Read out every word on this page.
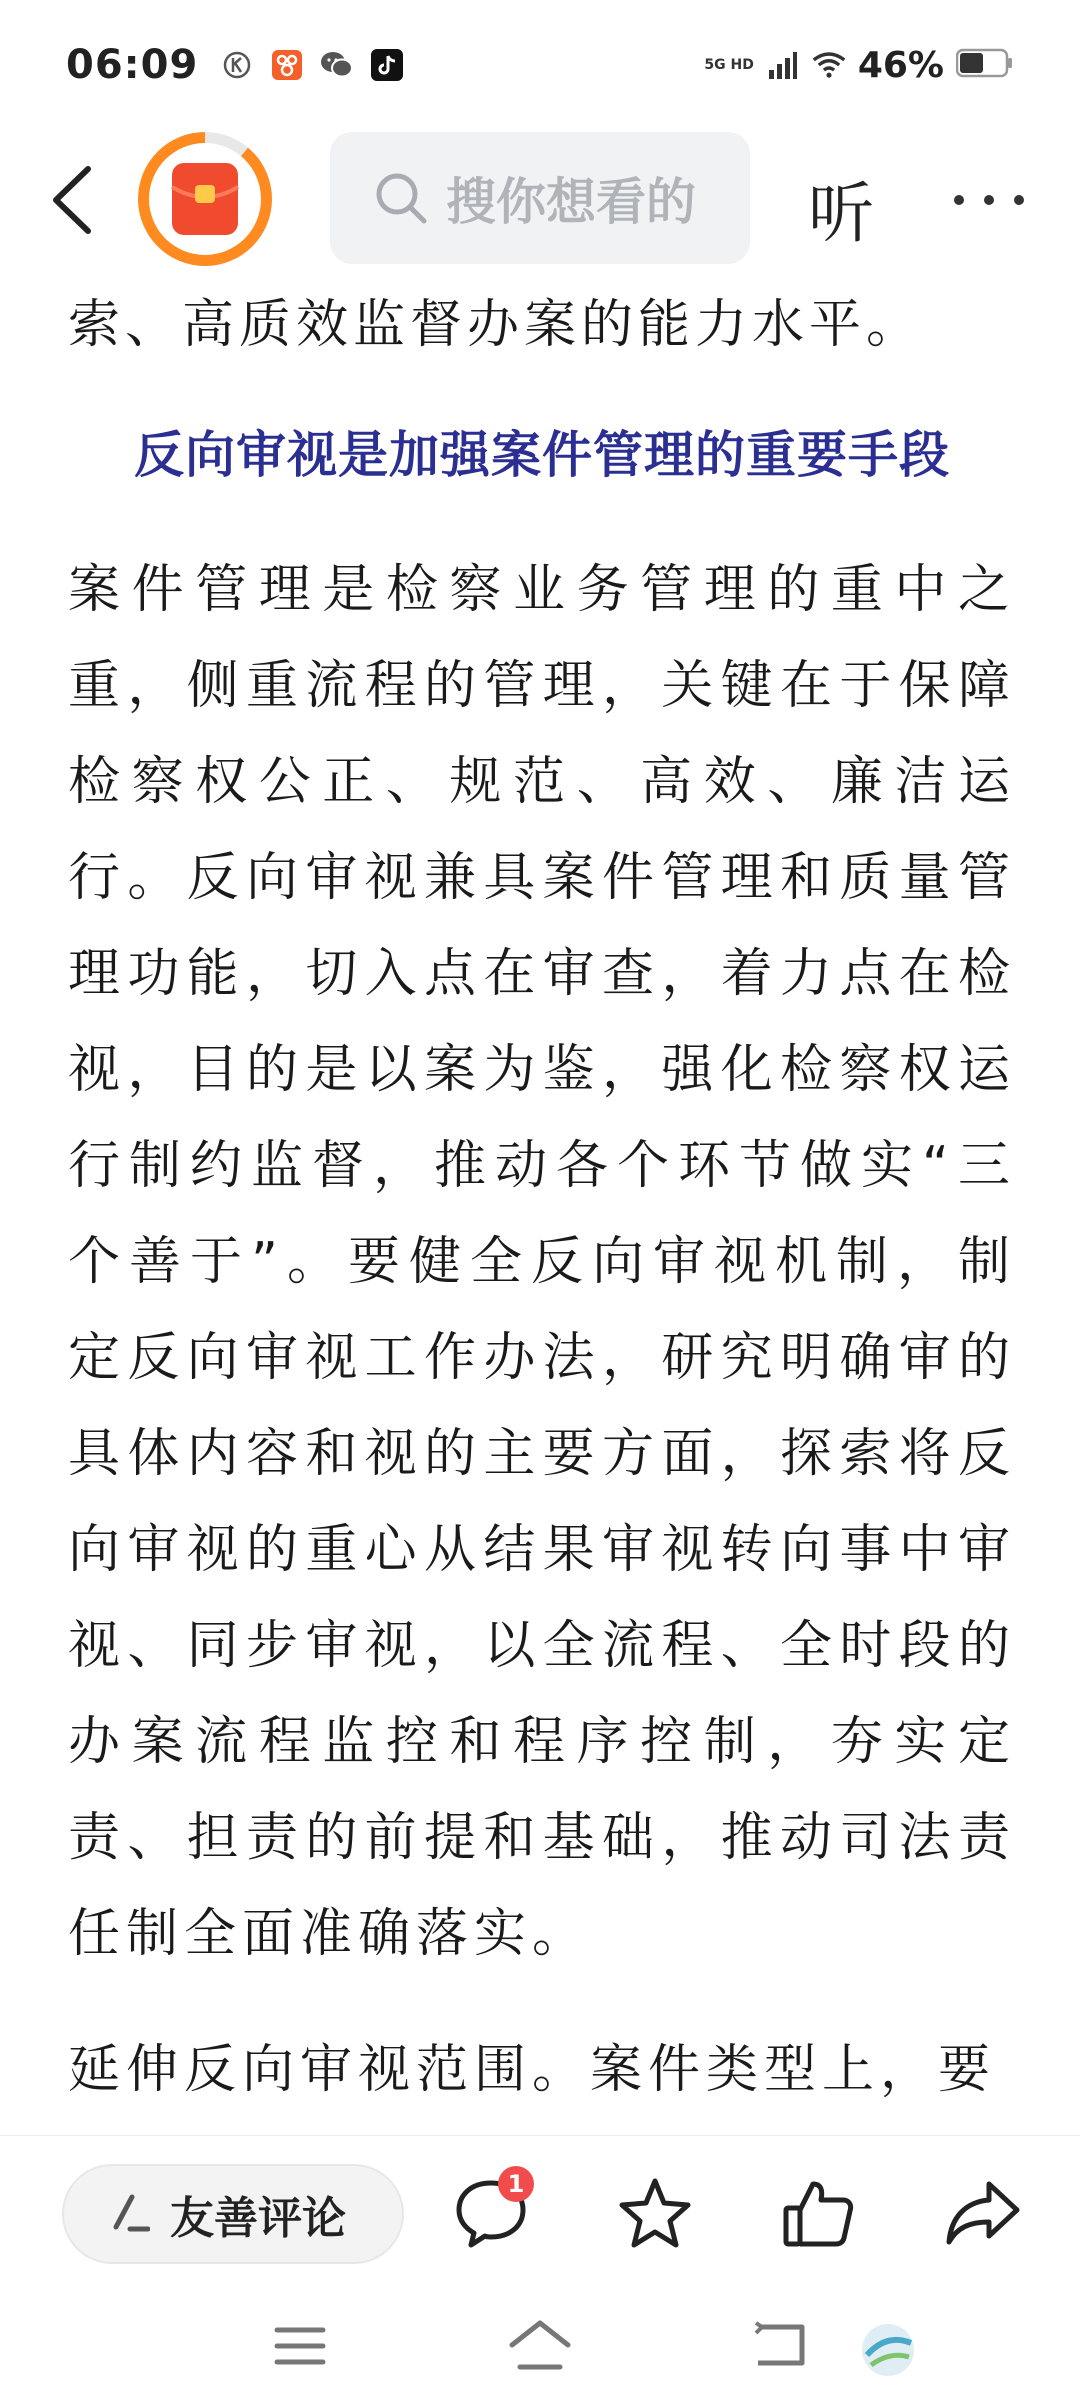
06:09	5G HD	46%
搜你想看的 听

索、高质效监督办案的能力水平。

反向审视是加强案件管理的重要手段

案件管理是检察业务管理的重中之重，侧重流程的管理，关键在于保障检察权公正、规范、高效、廉洁运行。反向审视兼具案件管理和质量管理功能，切入点在审查，着力点在检视，目的是以案为鉴，强化检察权运行制约监督，推动各个环节做实“三个善于”。要健全反向审视机制，制定反向审视工作办法，研究明确审的具体内容和视的主要方面，探索将反向审视的重心从结果审视转向事中审视、同步审视，以全流程、全时段的办案流程监控和程序控制，夯实定责、担责的前提和基础，推动司法责任制全面准确落实。

延伸反向审视范围。案件类型上，要

友善评论
1
